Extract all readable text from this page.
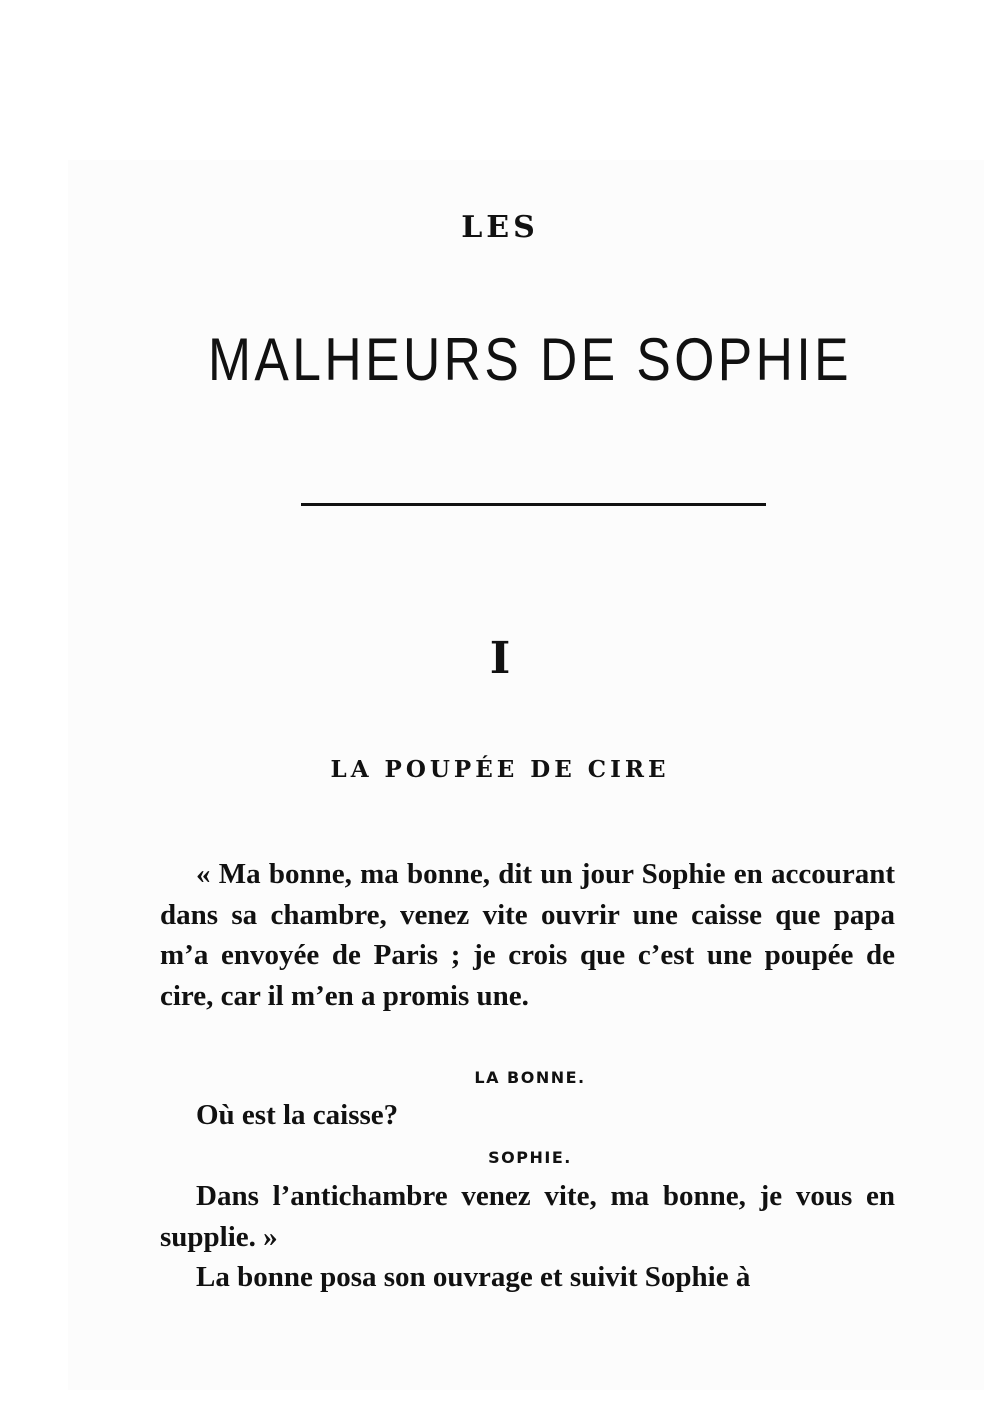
LES
MALHEURS DE SOPHIE
I
LA POUPÉE DE CIRE
« Ma bonne, ma bonne, dit un jour Sophie en accourant dans sa chambre, venez vite ouvrir une caisse que papa m’a envoyée de Paris ; je crois que c’est une poupée de cire, car il m’en a promis une.
LA BONNE.
Où est la caisse?
SOPHIE.
Dans l’antichambre venez vite, ma bonne, je vous en supplie. »
La bonne posa son ouvrage et suivit Sophie à
